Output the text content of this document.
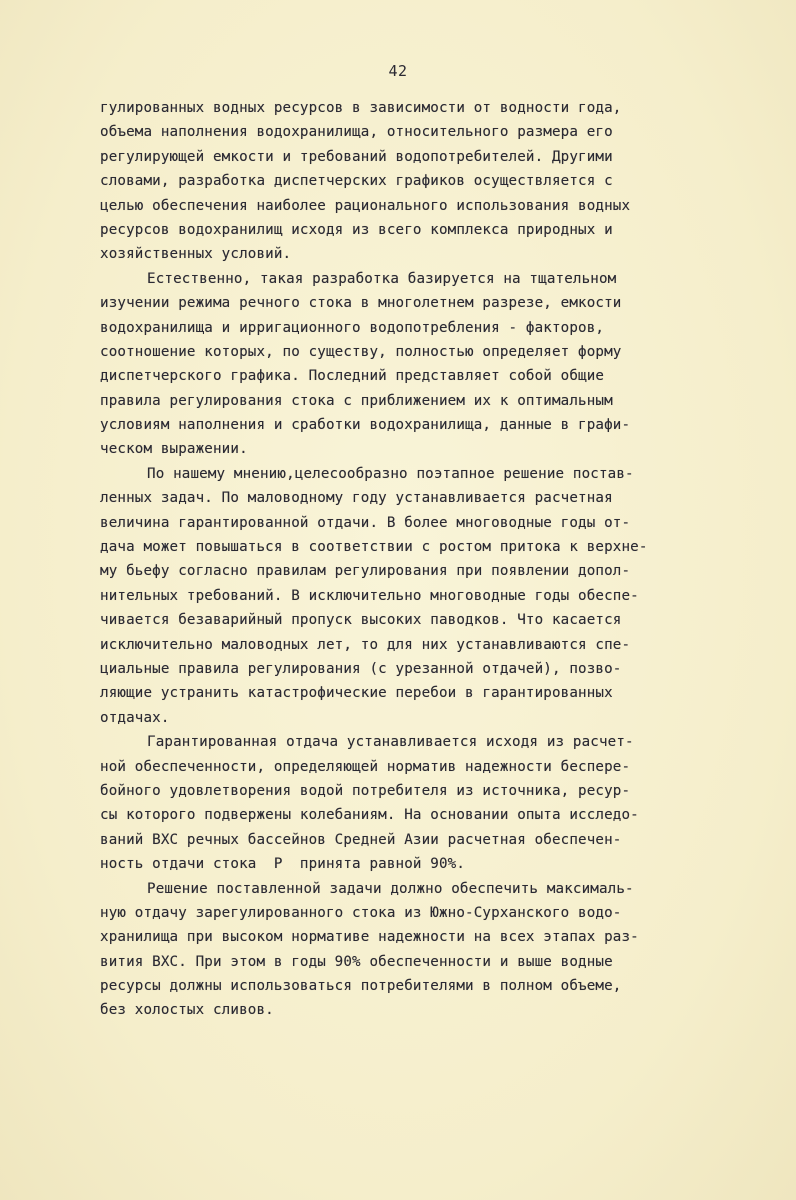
42
гулированных водных ресурсов в зависимости от водности года,
объема наполнения водохранилища, относительного размера его
регулирующей емкости и требований водопотребителей. Другими
словами, разработка диспетчерских графиков осуществляется с
целью обеспечения наиболее рационального использования водных
ресурсов водохранилищ исходя из всего комплекса природных и
хозяйственных условий.
Естественно, такая разработка базируется на тщательном
изучении режима речного стока в многолетнем разрезе, емкости
водохранилища и ирригационного водопотребления - факторов,
соотношение которых, по существу, полностью определяет форму
диспетчерского графика. Последний представляет собой общие
правила регулирования стока с приближением их к оптимальным
условиям наполнения и сработки водохранилища, данные в графи-
ческом выражении.
По нашему мнению,целесообразно поэтапное решение постав-
ленных задач. По маловодному году устанавливается расчетная
величина гарантированной отдачи. В более многоводные годы от-
дача может повышаться в соответствии с ростом притока к верхне-
му бьефу согласно правилам регулирования при появлении допол-
нительных требований. В исключительно многоводные годы обеспе-
чивается безаварийный пропуск высоких паводков. Что касается
исключительно маловодных лет, то для них устанавливаются спе-
циальные правила регулирования (с урезанной отдачей), позво-
ляющие устранить катастрофические перебои в гарантированных
отдачах.
Гарантированная отдача устанавливается исходя из расчет-
ной обеспеченности, определяющей норматив надежности беспере-
бойного удовлетворения водой потребителя из источника, ресур-
сы которого подвержены колебаниям. На основании опыта исследо-
ваний ВХС речных бассейнов Средней Азии расчетная обеспечен-
ность отдачи стока  P  принята равной 90%.
Решение поставленной задачи должно обеспечить максималь-
ную отдачу зарегулированного стока из Южно-Сурханского водо-
хранилища при высоком нормативе надежности на всех этапах раз-
вития ВХС. При этом в годы 90% обеспеченности и выше водные
ресурсы должны использоваться потребителями в полном объеме,
без холостых сливов.
